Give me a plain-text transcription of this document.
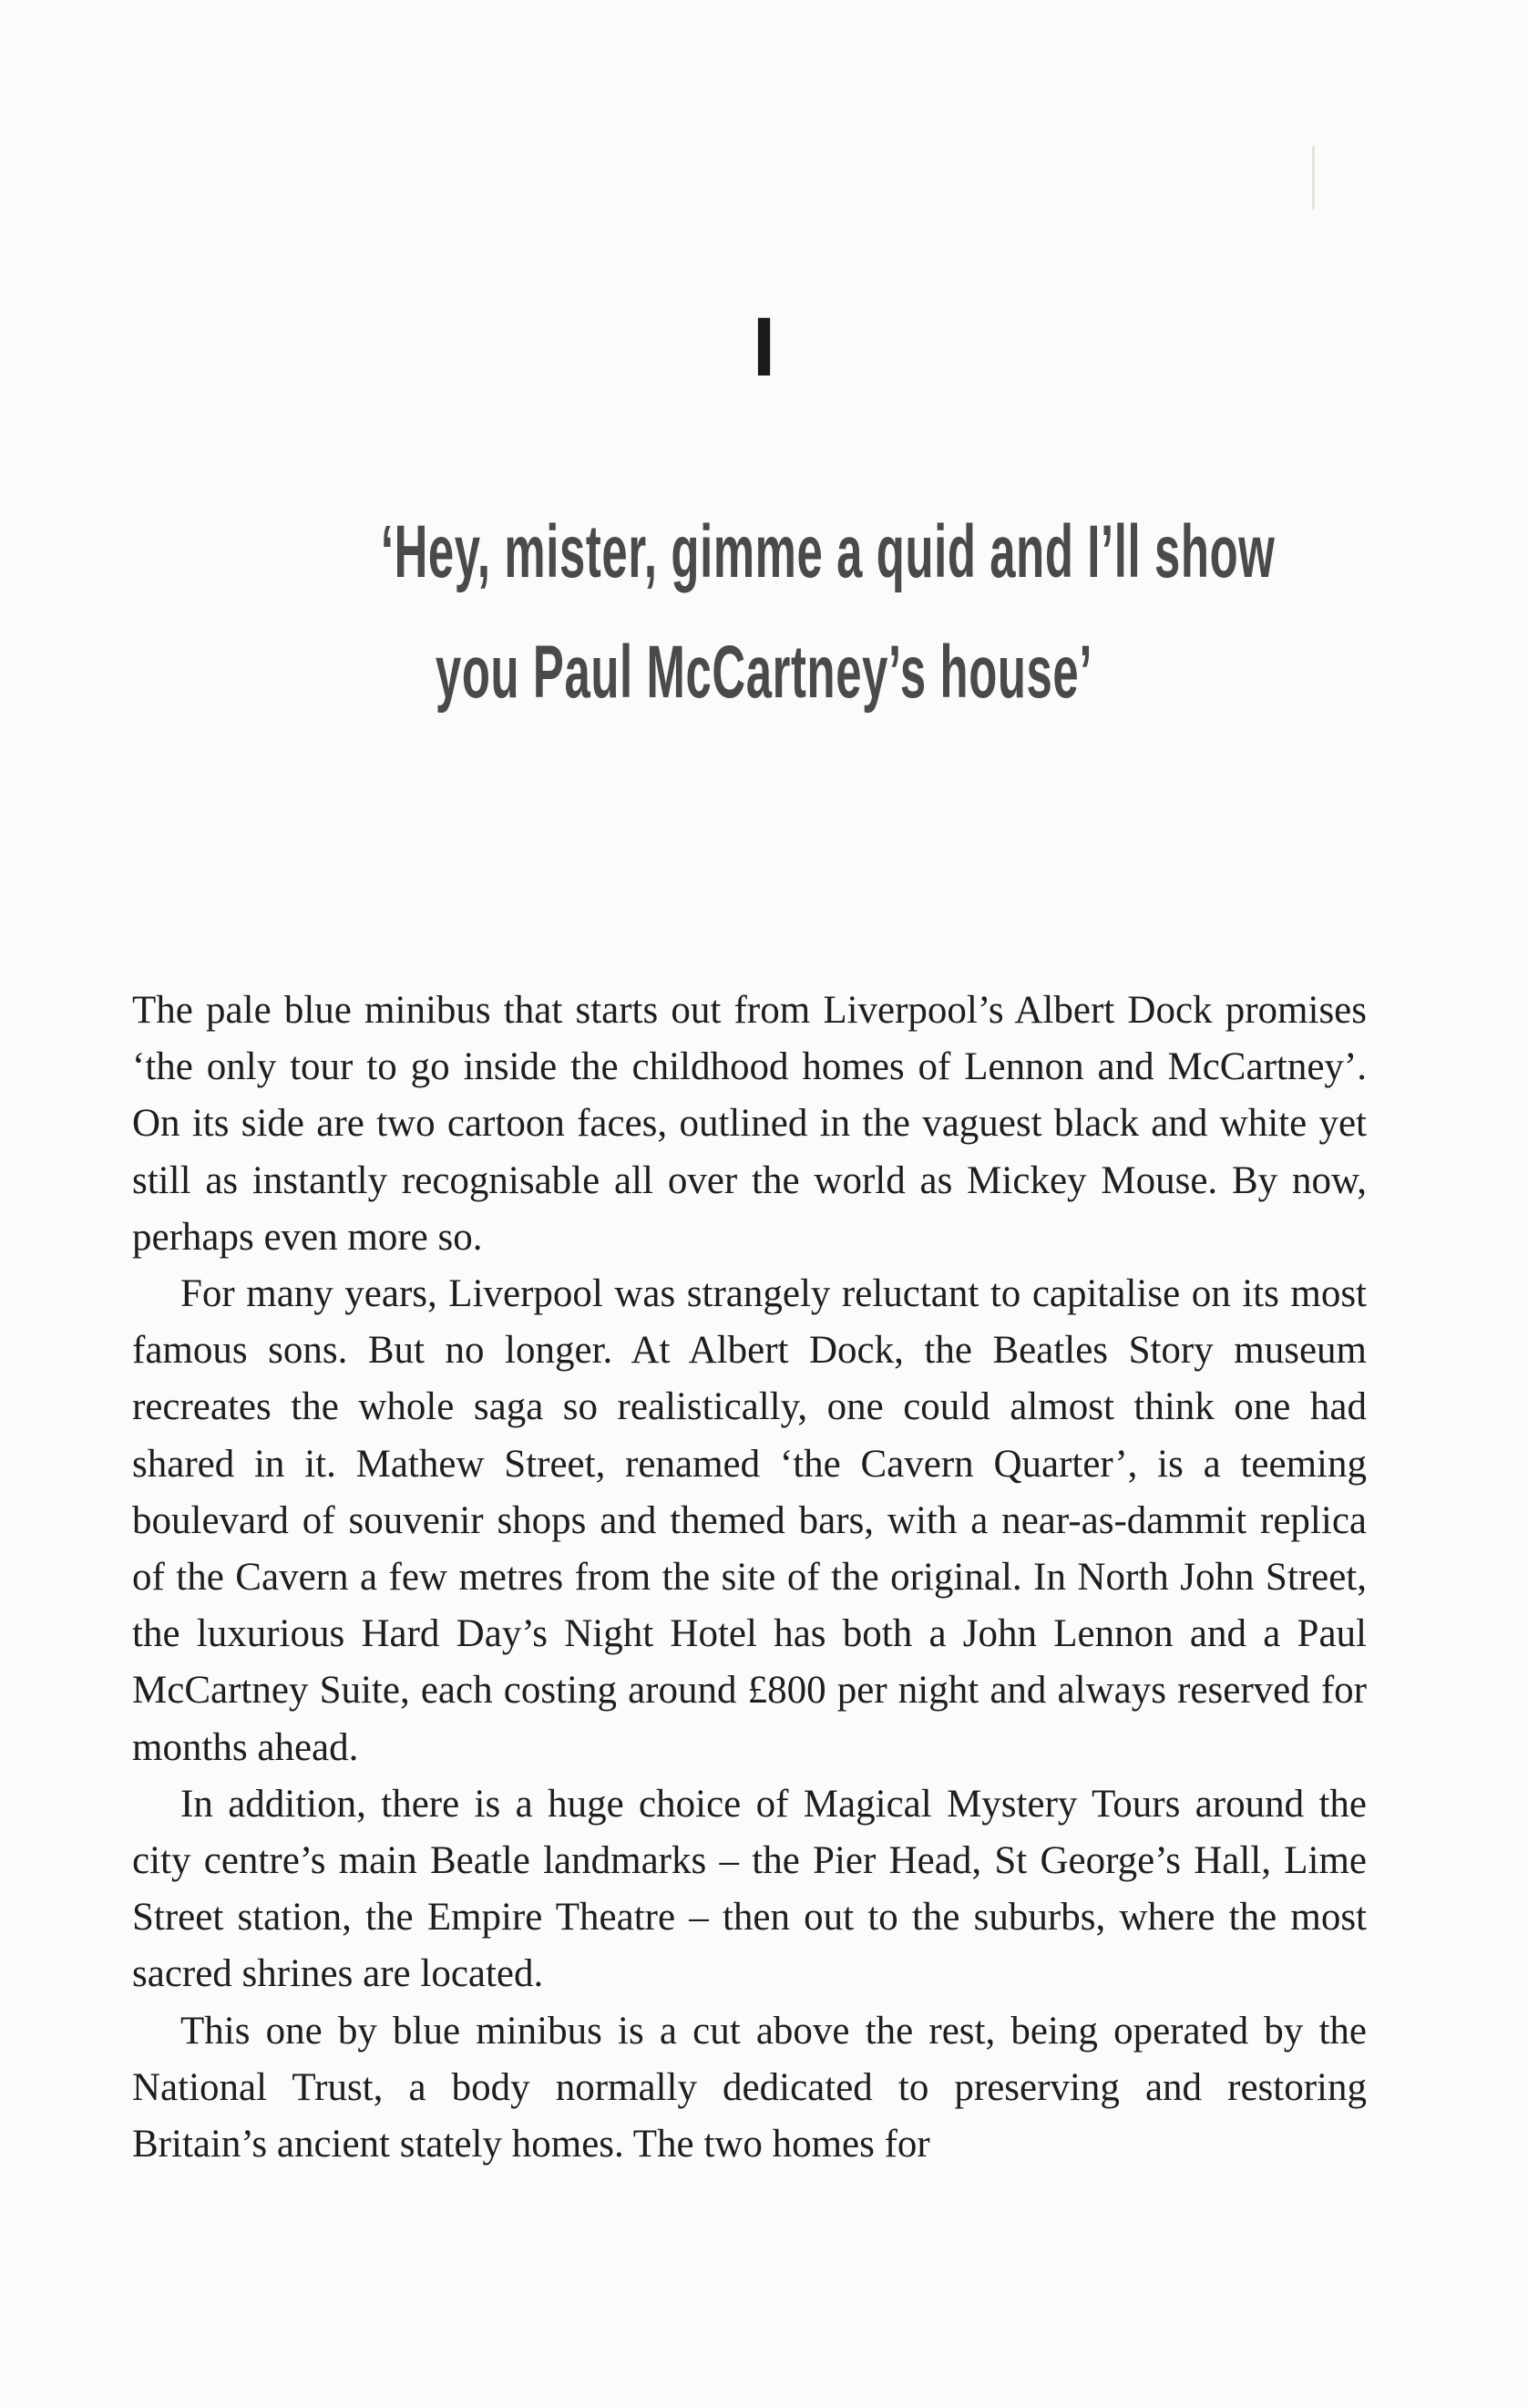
I
‘Hey, mister, gimme a quid and I’ll show
you Paul McCartney’s house’

The pale blue minibus that starts out from Liverpool’s Albert Dock promises ‘the only tour to go inside the childhood homes of Lennon and McCartney’. On its side are two cartoon faces, outlined in the vaguest black and white yet still as instantly recognisable all over the world as Mickey Mouse. By now, perhaps even more so.

For many years, Liverpool was strangely reluctant to capitalise on its most famous sons. But no longer. At Albert Dock, the Beatles Story museum recreates the whole saga so realistically, one could almost think one had shared in it. Mathew Street, renamed ‘the Cavern Quarter’, is a teeming boulevard of souvenir shops and themed bars, with a near-as-dammit replica of the Cavern a few metres from the site of the original. In North John Street, the luxurious Hard Day’s Night Hotel has both a John Lennon and a Paul McCartney Suite, each costing around £800 per night and always reserved for months ahead.

In addition, there is a huge choice of Magical Mystery Tours around the city centre’s main Beatle landmarks – the Pier Head, St George’s Hall, Lime Street station, the Empire Theatre – then out to the suburbs, where the most sacred shrines are located.

This one by blue minibus is a cut above the rest, being operated by the National Trust, a body normally dedicated to preserving and restoring Britain’s ancient stately homes. The two homes for
